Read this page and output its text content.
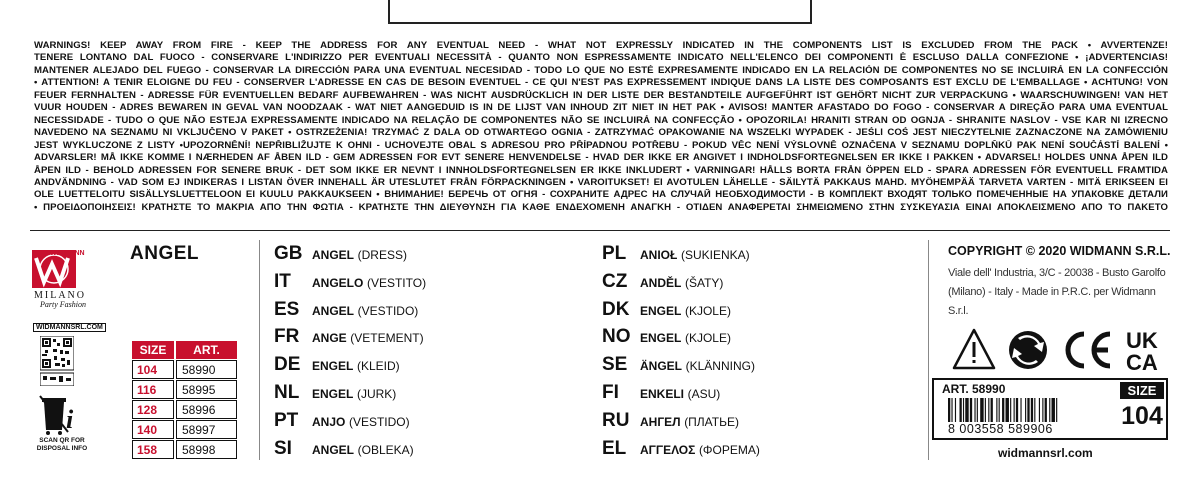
WARNINGS! KEEP AWAY FROM FIRE - KEEP THE ADDRESS FOR ANY EVENTUAL NEED - WHAT NOT EXPRESSLY INDICATED IN THE COMPONENTS LIST IS EXCLUDED FROM THE PACK • AVVERTENZE!
TENERE LONTANO DAL FUOCO - CONSERVARE L'INDIRIZZO PER EVENTUALI NECESSITÀ - QUANTO NON ESPRESSAMENTE INDICATO NELL'ELENCO DEI COMPONENTI È ESCLUSO DALLA CONFEZIONE • ¡ADVERTENCIAS!
MANTENER ALEJADO DEL FUEGO - CONSERVAR LA DIRECCIÓN PARA UNA EVENTUAL NECESIDAD - TODO LO QUE NO ESTÉ EXPRESAMENTE INDICADO EN LA RELACIÓN DE COMPONENTES NO SE INCLUIRÁ EN LA CONFECCIÓN
• ATTENTION! A TENIR ELOIGNE DU FEU - CONSERVER L'ADRESSE EN CAS DE BESOIN EVENTUEL - CE QUI N'EST PAS EXPRESSEMENT INDIQUE DANS LA LISTE DES COMPOSANTS EST EXCLU DE L'EMBALLAGE • ACHTUNG! VON
FEUER FERNHALTEN - ADRESSE FÜR EVENTUELLEN BEDARF AUFBEWAHREN - WAS NICHT AUSDRÜCKLICH IN DER LISTE DER BESTANDTEILE AUFGEFÜHRT IST GEHÖRT NICHT ZUR VERPACKUNG • WAARSCHUWINGEN! VAN HET
VUUR HOUDEN - ADRES BEWAREN IN GEVAL VAN NOODZAAK - WAT NIET AANGEDUID IS IN DE LIJST VAN INHOUD ZIT NIET IN HET PAK • AVISOS! MANTER AFASTADO DO FOGO - CONSERVAR A DIREÇÃO PARA UMA EVENTUAL
NECESSIDADE - TUDO O QUE NÃO ESTEJA EXPRESSAMENTE INDICADO NA RELAÇÃO DE COMPONENTES NÃO SE INCLUIRÁ NA CONFECÇÃO • OPOZORILA! HRANITI STRAN OD OGNJA - SHRANITE NASLOV - VSE KAR NI IZRECNO
NAVEDENO NA SEZNAMU NI VKLJUČENO V PAKET • OSTRZEŻENIA! TRZYMAĆ Z DALA OD OTWARTEGO OGNIA - ZATRZYMAĆ OPAKOWANIE NA WSZELKI WYPADEK - JEŚLI COŚ JEST NIECZYTELNIE ZAZNACZONE NA ZAMÓWIENIU
JEST WYKLUCZONE Z LISTY •UPOZORNĚNÍ! NEPŘIBLIŽUJTE K OHNI - UCHOVEJTE OBAL S ADRESOU PRO PŘÍPADNOU POTŘEBU - POKUD VĚC NENÍ VÝSLOVNĚ OZNAČENA V SEZNAMU DOPLŇKŮ PAK NENÍ SOUČÁSTÍ BALENÍ •
ADVARSLER! MÅ IKKE KOMME I NÆRHEDEN AF ÅBEN ILD - GEM ADRESSEN FOR EVT SENERE HENVENDELSE - HVAD DER IKKE ER ANGIVET I INDHOLDSFORTEGNELSEN ER IKKE I PAKKEN • ADVARSEL! HOLDES UNNA ÅPEN ILD
ÅPEN ILD - BEHOLD ADRESSEN FOR SENERE BRUK - DET SOM IKKE ER NEVNT I INNHOLDSFORTEGNELSEN ER IKKE INKLUDERT • VARNINGAR! HÅLLS BORTA FRÅN ÖPPEN ELD - SPARA ADRESSEN FÖR EVENTUELL FRAMTIDA
ANDVÄNDNING - VAD SOM EJ INDIKERAS I LISTAN ÖVER INNEHALL ÄR UTESLUTET FRÅN FÖRPACKNINGEN • VAROITUKSET! EI AVOTULEN LÄHELLE - SÄILYTÄ PAKKAUS MAHD. MYÖHEMPÄÄ TARVETA VARTEN - MITÄ ERIKSEEN EI
OLE LUETTELOITU SISÄLLYSLUETTELOON EI KUULU PAKKAUKSEEN • ВНИМАНИЕ! БЕРЕЧЬ ОТ ОГНЯ - СОХРАНИТЕ АДРЕС НА СЛУЧАЙ НЕОБХОДИМОСТИ - В КОМПЛЕКТ ВХОДЯТ ТОЛЬКО ПОМЕЧЕННЫЕ НА УПАКОВКЕ ДЕТАЛИ
• ΠΡΟΕΙΔΟΠΟΙΗΣΕΙΣ! ΚΡΑΤΗΣΤΕ ΤΟ ΜΑΚΡΙΑ ΑΠΟ ΤΗΝ ΦΩΤΙΑ - ΚΡΑΤΗΣΤΕ ΤΗΝ ΔΙΕΥΘΥΝΣΗ ΓΙΑ ΚΑΘΕ ΕΝΔΕΧΟΜΕΝΗ ΑΝΑΓΚΗ - ΟΤΙΔΕΝ ΑΝΑΦΕΡΕΤΑΙ ΣΗΜΕΙΩΜΕΝΟ ΣΤΗΝ ΣΥΣΚΕΥΑΣΙΑ ΕΙΝΑΙ ΑΠΟΚΛΕΙΣΜΕΝΟ ΑΠΟ ΤΟ ΠΑΚΕΤΟ
WIDMANN
MILANO
Party Fashion
ANGEL
WIDMANNSRL.COM
i
SCAN QR FOR DISPOSAL INFO
SIZE	ART.
104	58990
116	58995
128	58996
140	58997
158	58998
GB ANGEL (DRESS)
IT ANGELO (VESTITO)
ES ANGEL (VESTIDO)
FR ANGE (VETEMENT)
DE ENGEL (KLEID)
NL ENGEL (JURK)
PT ANJO (VESTIDO)
SI ANGEL (OBLEKA)
PL ANIOŁ (SUKIENKA)
CZ ANDĚL (ŠATY)
DK ENGEL (KJOLE)
NO ENGEL (KJOLE)
SE ÄNGEL (KLÄNNING)
FI ENKELI (ASU)
RU АНГЕЛ (ПЛАТЬЕ)
EL ΑΓΓΕΛΟΣ (ΦΟΡΕΜΑ)
COPYRIGHT © 2020 WIDMANN S.R.L.
Viale dell' Industria, 3/C - 20038 - Busto Garolfo (Milano) - Italy - Made in P.R.C. per Widmann S.r.l.
UK
CA
ART. 58990
8 003558 589906
SIZE
104
widmannsrl.com
